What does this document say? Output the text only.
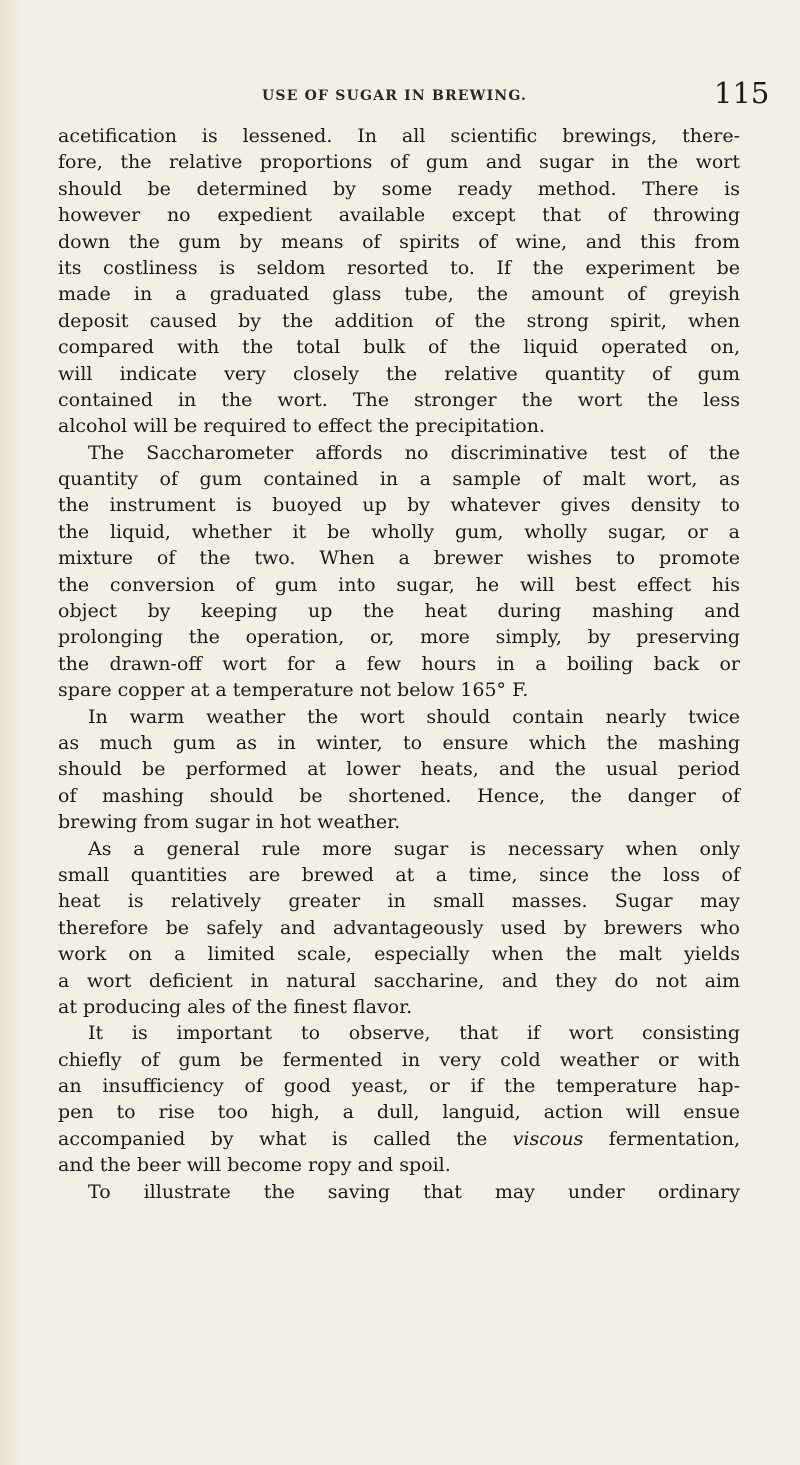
USE OF SUGAR IN BREWING.	115
acetification is lessened. In all scientific brewings, there-
fore, the relative proportions of gum and sugar in the wort
should be determined by some ready method. There is
however no expedient available except that of throwing
down the gum by means of spirits of wine, and this from
its costliness is seldom resorted to. If the experiment be
made in a graduated glass tube, the amount of greyish
deposit caused by the addition of the strong spirit, when
compared with the total bulk of the liquid operated on,
will indicate very closely the relative quantity of gum
contained in the wort. The stronger the wort the less
alcohol will be required to effect the precipitation.
The Saccharometer affords no discriminative test of the
quantity of gum contained in a sample of malt wort, as
the instrument is buoyed up by whatever gives density to
the liquid, whether it be wholly gum, wholly sugar, or a
mixture of the two. When a brewer wishes to promote
the conversion of gum into sugar, he will best effect his
object by keeping up the heat during mashing and
prolonging the operation, or, more simply, by preserving
the drawn-off wort for a few hours in a boiling back or
spare copper at a temperature not below 165° F.
In warm weather the wort should contain nearly twice
as much gum as in winter, to ensure which the mashing
should be performed at lower heats, and the usual period
of mashing should be shortened. Hence, the danger of
brewing from sugar in hot weather.
As a general rule more sugar is necessary when only
small quantities are brewed at a time, since the loss of
heat is relatively greater in small masses. Sugar may
therefore be safely and advantageously used by brewers who
work on a limited scale, especially when the malt yields
a wort deficient in natural saccharine, and they do not aim
at producing ales of the finest flavor.
It is important to observe, that if wort consisting
chiefly of gum be fermented in very cold weather or with
an insufficiency of good yeast, or if the temperature hap-
pen to rise too high, a dull, languid, action will ensue
accompanied by what is called the viscous fermentation,
and the beer will become ropy and spoil.
To illustrate the saving that may under ordinary
